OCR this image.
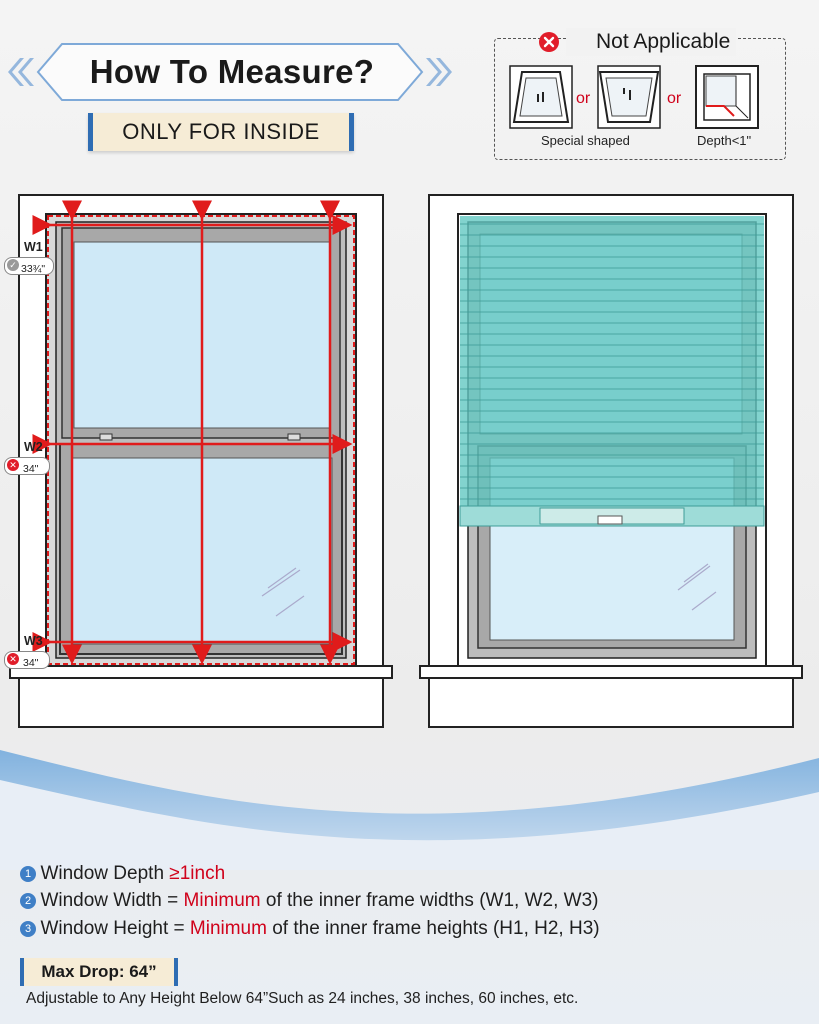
How To Measure?
ONLY FOR INSIDE
Not Applicable
or	or
Special shaped	Depth<1"
W1
✓ 33¾"
W2
✕ 34"
W3
✕ 34"
1 Window Depth ≥1inch
2 Window Width = Minimum of the inner frame widths (W1, W2, W3)
3 Window Height = Minimum of the inner frame heights (H1, H2, H3)
Max Drop: 64”
Adjustable to Any Height Below 64”Such as 24 inches, 38 inches, 60 inches, etc.
